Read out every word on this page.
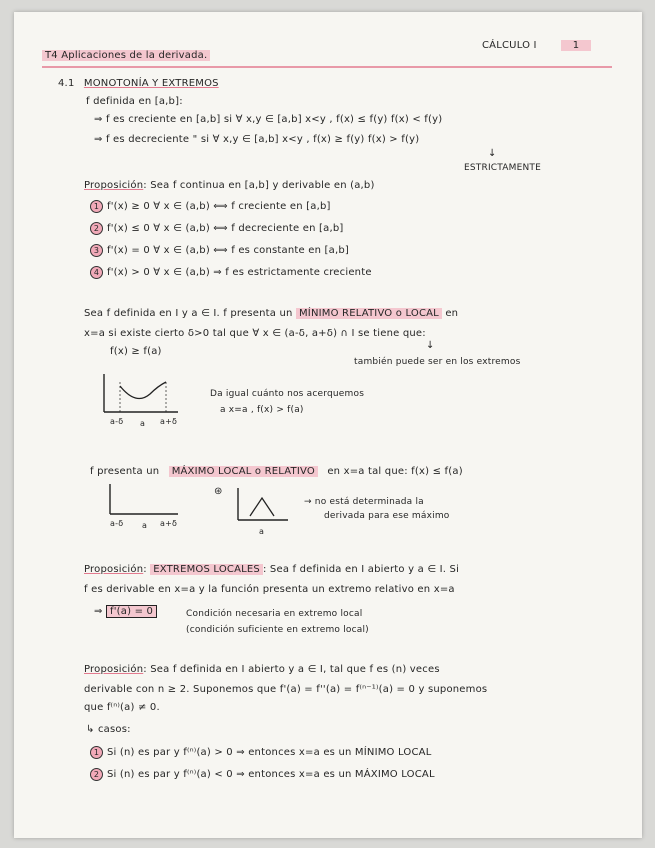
T4 Aplicaciones de la derivada.
CÁLCULO I	1
4.1 MONOTONÍA Y EXTREMOS
f definida en [a,b]:
⇒ f es creciente en [a,b] si ∀ x,y ∈ [a,b] x<y , f(x) ≤ f(y) f(x) < f(y)
⇒ f es decreciente " si ∀ x,y ∈ [a,b] x<y , f(x) ≥ f(y) f(x) > f(y)
↓
ESTRICTAMENTE
Proposición: Sea f continua en [a,b] y derivable en (a,b)
1 f'(x) ≥ 0 ∀ x ∈ (a,b) ⟺ f creciente en [a,b]
2 f'(x) ≤ 0 ∀ x ∈ (a,b) ⟺ f decreciente en [a,b]
3 f'(x) = 0 ∀ x ∈ (a,b) ⟺ f es constante en [a,b]
4 f'(x) > 0 ∀ x ∈ (a,b) ⇒ f es estrictamente creciente
Sea f definida en I y a ∈ I. f presenta un MÍNIMO RELATIVO o LOCAL en
x=a si existe cierto δ>0 tal que ∀ x ∈ (a-δ, a+δ) ∩ I se tiene que:
f(x) ≥ f(a)
↓
también puede ser en los extremos
a-δ a a+δ
Da igual cuánto nos acerquemos
a x=a , f(x) > f(a)
f presenta un MÁXIMO LOCAL o RELATIVO en x=a tal que: f(x) ≤ f(a)
a-δ a a+δ
⊛
a
→ no está determinada la
derivada para ese máximo
Proposición: EXTREMOS LOCALES : Sea f definida en I abierto y a ∈ I. Si
f es derivable en x=a y la función presenta un extremo relativo en x=a
⇒ f'(a) = 0	Condición necesaria en extremo local
(condición suficiente en extremo local)
Proposición: Sea f definida en I abierto y a ∈ I, tal que f es (n) veces
derivable con n ≥ 2. Suponemos que f'(a) = f''(a) = f⁽ⁿ⁻¹⁾(a) = 0 y suponemos
que f⁽ⁿ⁾(a) ≠ 0.
↳ casos:
1 Si (n) es par y f⁽ⁿ⁾(a) > 0 ⇒ entonces x=a es un MÍNIMO LOCAL
2 Si (n) es par y f⁽ⁿ⁾(a) < 0 ⇒ entonces x=a es un MÁXIMO LOCAL
